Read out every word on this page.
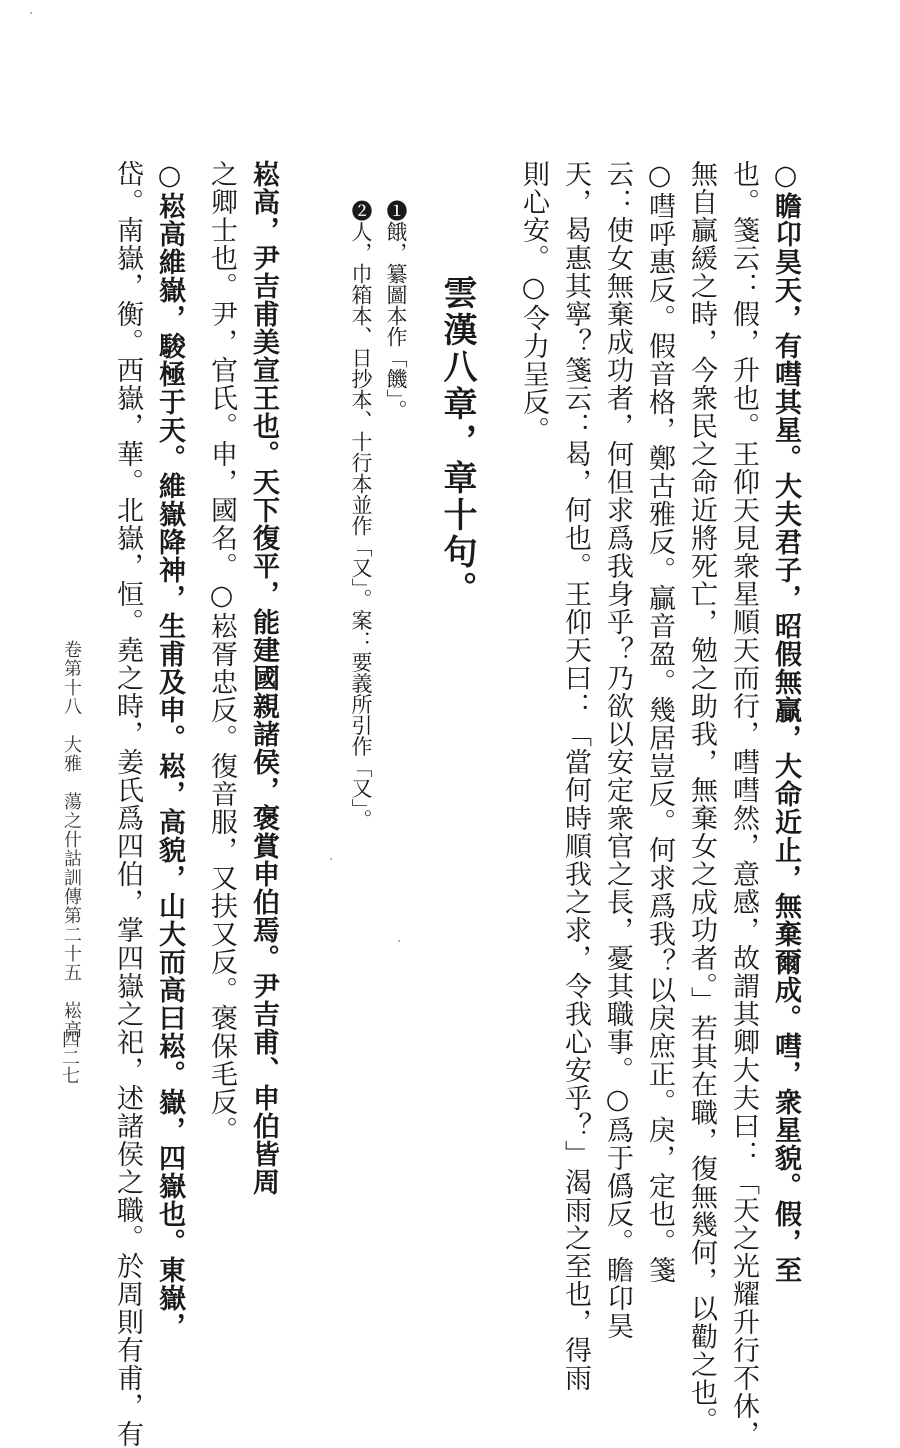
○瞻卬昊天，有嘒其星。大夫君子，昭假無贏，大命近止，無棄爾成。嘒，衆星貌。假，至
也。箋云：假，升也。王仰天見衆星順天而行，嘒嘒然，意感，故謂其卿大夫曰：「天之光耀升行不休，
無自贏緩之時，今衆民之命近將死亡，勉之助我，無棄女之成功者。」若其在職，復無幾何，以勸之也。
○嘒呼惠反。假音格，鄭古雅反。贏音盈。幾居豈反。何求爲我？以戾庶正。戾，定也。箋
云：使女無棄成功者，何但求爲我身乎？乃欲以安定衆官之長，憂其職事。○爲于僞反。瞻卬昊
天，曷惠其寧？箋云：曷，何也。王仰天曰：「當何時順我之求，令我心安乎？」渴雨之至也，得雨
則心安。○令力呈反。
雲漢八章，章十句。
❶餓，纂圖本作「饑」。
❷人，巾箱本、日抄本、十行本並作「又」。案：要義所引作「又」。
崧高，尹吉甫美宣王也。天下復平，能建國親諸侯，褒賞申伯焉。尹吉甫、申伯皆周
之卿士也。尹，官氏。申，國名。○崧胥忠反。復音服，又扶又反。褒保毛反。
○崧高維嶽，駿極于天。維嶽降神，生甫及申。崧，高貌，山大而高曰崧。嶽，四嶽也。東嶽，
岱。南嶽，衡。西嶽，華。北嶽，恒。堯之時，姜氏爲四伯，掌四嶽之祀，述諸侯之職。於周則有甫，有
卷第十八　大雅　蕩之什詁訓傳第二十五　崧高
四二七
